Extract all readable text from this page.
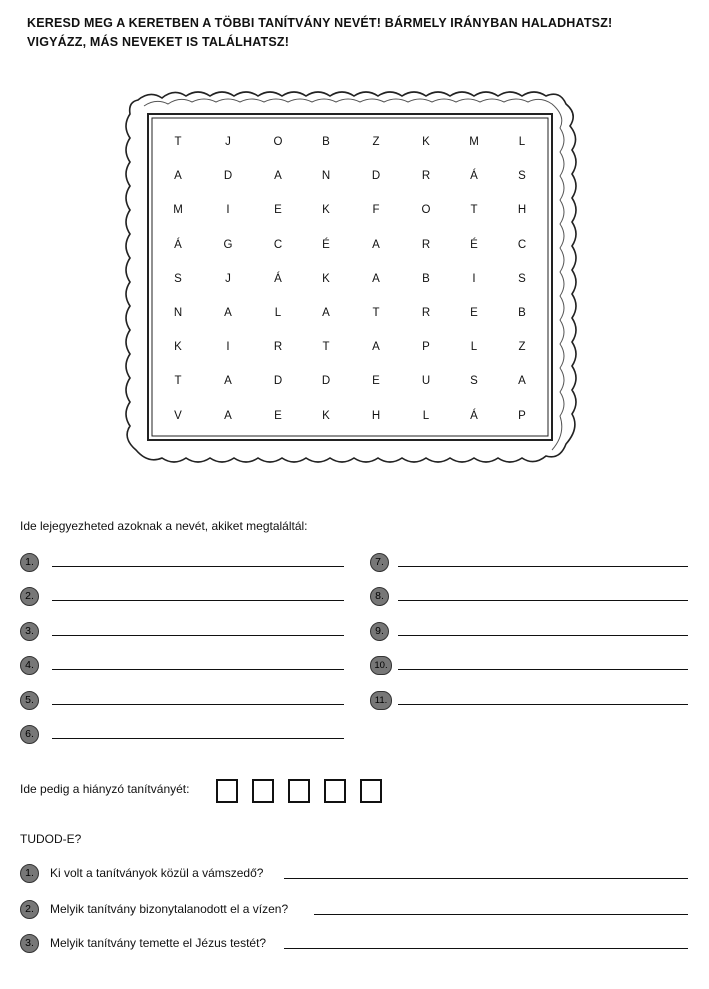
KERESD MEG A KERETBEN A TÖBBI TANÍTVÁNY NEVÉT! BÁRMELY IRÁNYBAN HALADHATSZ!
VIGYÁZZ, MÁS NEVEKET IS TALÁLHATSZ!
T	J	O	B	Z	K	M	L
A	D	A	N	D	R	Á	S
M	I	E	K	F	O	T	H
Á	G	C	É	A	R	É	C
S	J	Á	K	A	B	I	S
N	A	L	A	T	R	E	B
K	I	R	T	A	P	L	Z
T	A	D	D	E	U	S	A
V	A	E	K	H	L	Á	P
Ide lejegyezheted azoknak a nevét, akiket megtaláltál:
1.
2.
3.
4.
5.
6.
7.
8.
9.
10.
11.
Ide pedig a hiányzó tanítványét:
TUDOD-E?
1.	Ki volt a tanítványok közül a vámszedő?
2.	Melyik tanítvány bizonytalanodott el a vízen?
3.	Melyik tanítvány temette el Jézus testét?
